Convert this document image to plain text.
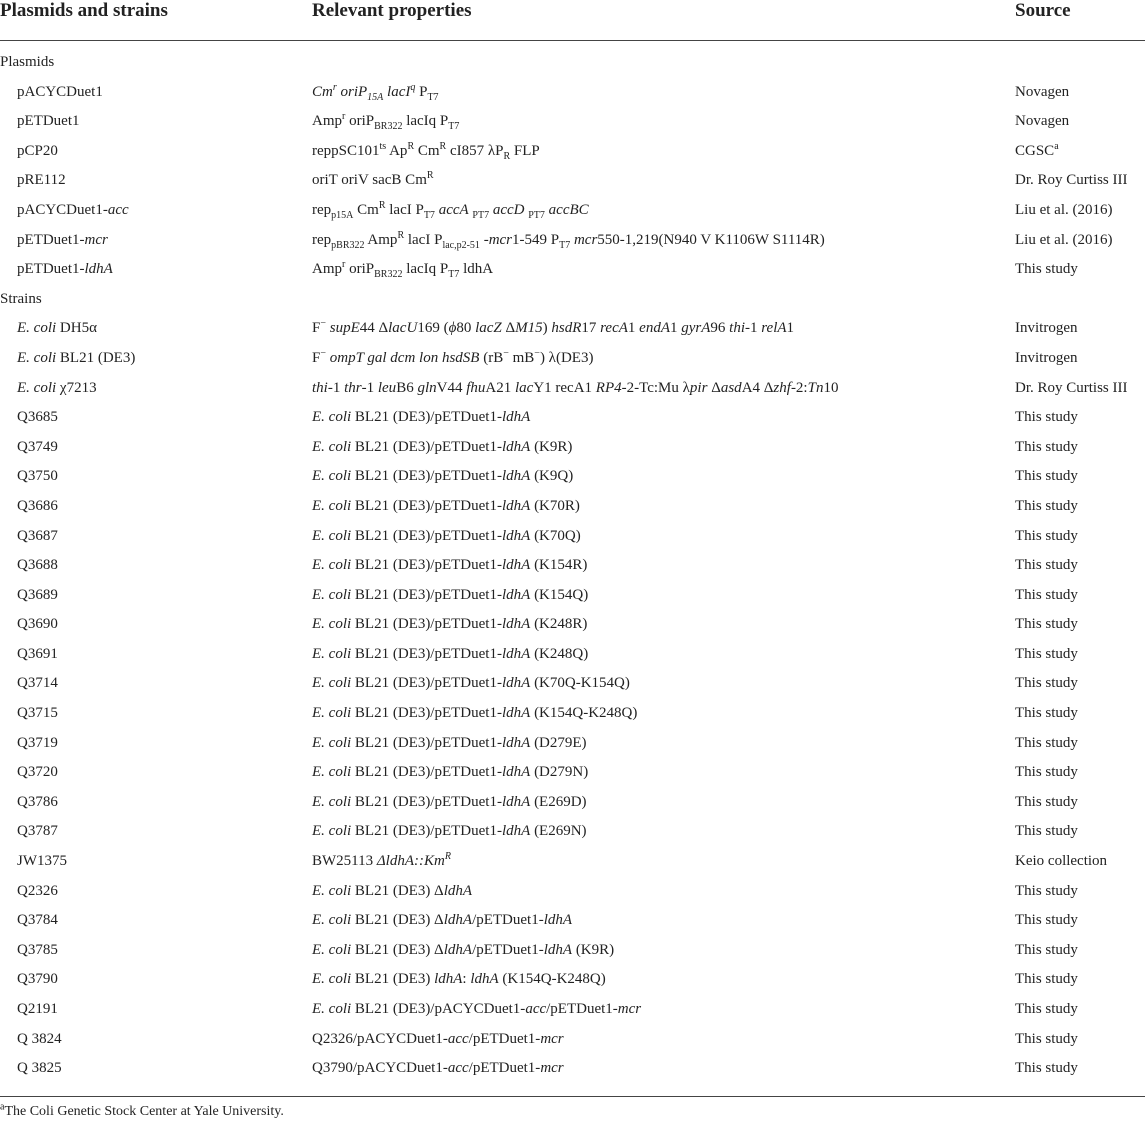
Plasmids and strains	Relevant properties	Source
Plasmids
pACYCDuet1	Cm$^r$ oriP$_{15A}$ lacI$^q$ $P_{T7}$	Novagen
pETDuet1	Amp$^r$ oriP$_{BR322}$ lacIq $P_{T7}$	Novagen
pCP20	$reppSC101^{ts}$ $Ap^R$ $Cm^R$ cI857 $\lambda P_R$ FLP	CGSC$^a$
pRE112	oriT oriV sacB $Cm^R$	Dr. Roy Curtiss III
pACYCDuet1-acc	rep$_{p15A}$ $Cm^R$ lacI $P_{T7}$ accA $_{PT7}$ accD $_{PT7}$ accBC	Liu et al. (2016)
pETDuet1-mcr	rep$_{pBR322}$ Amp$^R$ lacI $P_{lac,p2-51}$ -mcr1-549 $P_{T7}$ mcr550-1,219(N940 V K1106W S1114R)	Liu et al. (2016)
pETDuet1-ldhA	Amp$^r$ oriP$_{BR322}$ lacIq $P_{T7}$ ldhA	This study
Strains
E. coli DH5α	F− supE44 ΔlacU169 (ϕ80 lacZ ΔM15) hsdR17 recA1 endA1 gyrA96 thi-1 relA1	Invitrogen
E. coli BL21 (DE3)	F− ompT gal dcm lon hsdSB (rB− mB−) λ(DE3)	Invitrogen
E. coli χ7213	thi-1 thr-1 leuB6 glnV44 fhuA21 lacY1 recA1 RP4-2-Tc:Mu λpir ΔasdA4 Δzhf-2:Tn10	Dr. Roy Curtiss III
Q3685	E. coli BL21 (DE3)/pETDuet1-ldhA	This study
Q3749	E. coli BL21 (DE3)/pETDuet1-ldhA (K9R)	This study
Q3750	E. coli BL21 (DE3)/pETDuet1-ldhA (K9Q)	This study
Q3686	E. coli BL21 (DE3)/pETDuet1-ldhA (K70R)	This study
Q3687	E. coli BL21 (DE3)/pETDuet1-ldhA (K70Q)	This study
Q3688	E. coli BL21 (DE3)/pETDuet1-ldhA (K154R)	This study
Q3689	E. coli BL21 (DE3)/pETDuet1-ldhA (K154Q)	This study
Q3690	E. coli BL21 (DE3)/pETDuet1-ldhA (K248R)	This study
Q3691	E. coli BL21 (DE3)/pETDuet1-ldhA (K248Q)	This study
Q3714	E. coli BL21 (DE3)/pETDuet1-ldhA (K70Q-K154Q)	This study
Q3715	E. coli BL21 (DE3)/pETDuet1-ldhA (K154Q-K248Q)	This study
Q3719	E. coli BL21 (DE3)/pETDuet1-ldhA (D279E)	This study
Q3720	E. coli BL21 (DE3)/pETDuet1-ldhA (D279N)	This study
Q3786	E. coli BL21 (DE3)/pETDuet1-ldhA (E269D)	This study
Q3787	E. coli BL21 (DE3)/pETDuet1-ldhA (E269N)	This study
JW1375	BW25113 $\Delta ldhA::Km^R$	Keio collection
Q2326	E. coli BL21 (DE3) ΔldhA	This study
Q3784	E. coli BL21 (DE3) ΔldhA/pETDuet1-ldhA	This study
Q3785	E. coli BL21 (DE3) ΔldhA/pETDuet1-ldhA (K9R)	This study
Q3790	E. coli BL21 (DE3) ldhA: ldhA (K154Q-K248Q)	This study
Q2191	E. coli BL21 (DE3)/pACYCDuet1-acc/pETDuet1-mcr	This study
Q 3824	Q2326/pACYCDuet1-acc/pETDuet1-mcr	This study
Q 3825	Q3790/pACYCDuet1-acc/pETDuet1-mcr	This study
$^a$The Coli Genetic Stock Center at Yale University.
